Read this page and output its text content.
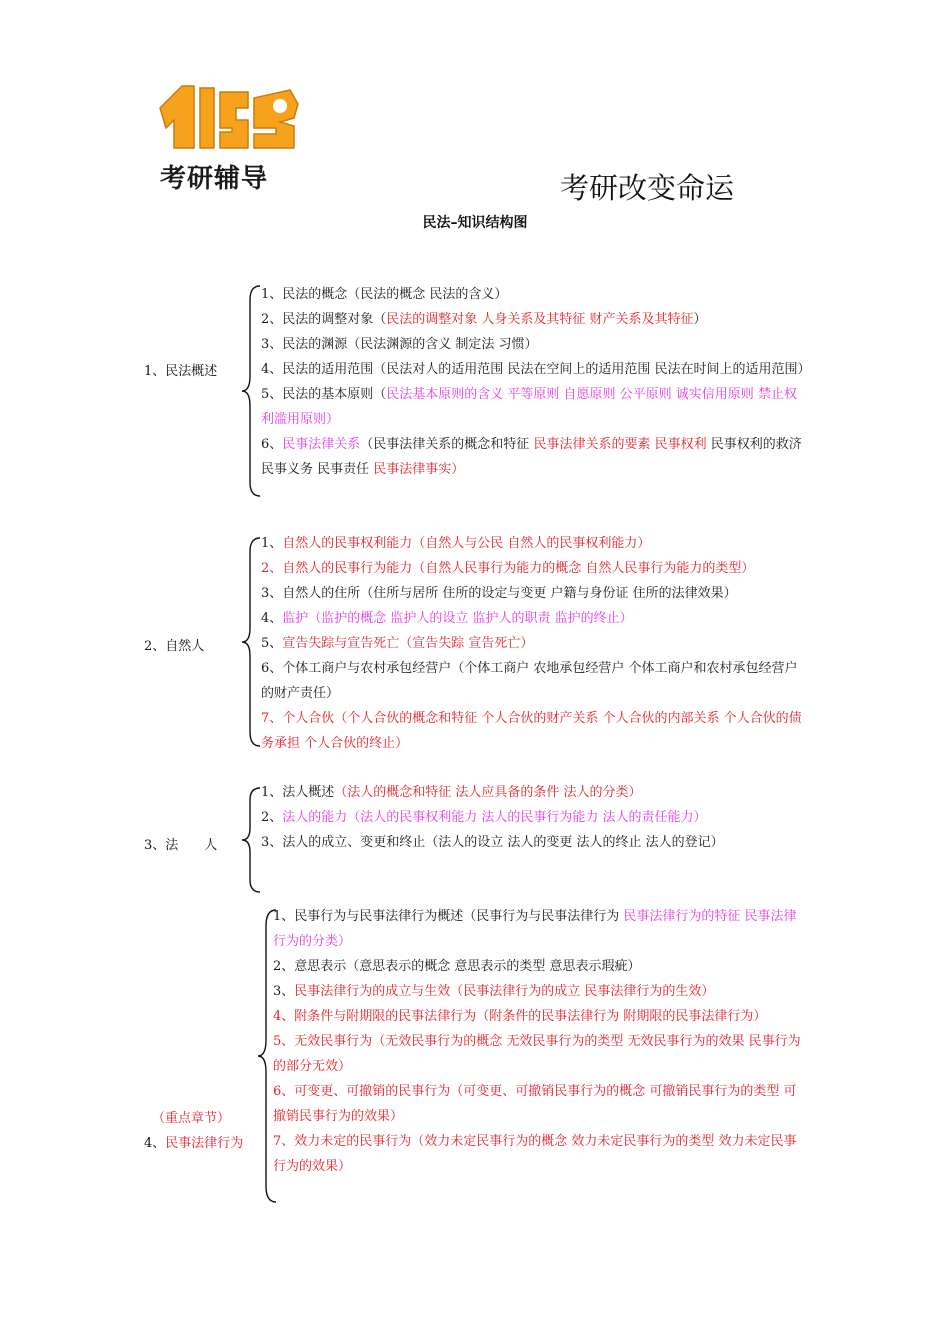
考研辅导	考研改变命运
民法–知识结构图
1、民法概述
1、民法的概念（民法的概念 民法的含义）
2、民法的调整对象（民法的调整对象 人身关系及其特征 财产关系及其特征）
3、民法的渊源（民法渊源的含义 制定法 习惯）
4、民法的适用范围（民法对人的适用范围 民法在空间上的适用范围 民法在时间上的适用范围）
5、民法的基本原则（民法基本原则的含义 平等原则 自愿原则 公平原则 诚实信用原则 禁止权利滥用原则）
6、民事法律关系（民事法律关系的概念和特征 民事法律关系的要素 民事权利 民事权利的救济 民事义务 民事责任 民事法律事实）
2、自然人
1、自然人的民事权利能力（自然人与公民 自然人的民事权利能力）
2、自然人的民事行为能力（自然人民事行为能力的概念 自然人民事行为能力的类型）
3、自然人的住所（住所与居所 住所的设定与变更 户籍与身份证 住所的法律效果）
4、监护（监护的概念 监护人的设立 监护人的职责 监护的终止）
5、宣告失踪与宣告死亡（宣告失踪 宣告死亡）
6、个体工商户与农村承包经营户（个体工商户 农地承包经营户 个体工商户和农村承包经营户的财产责任）
7、个人合伙（个人合伙的概念和特征 个人合伙的财产关系 个人合伙的内部关系 个人合伙的债务承担 个人合伙的终止）
3、法　　人
1、法人概述（法人的概念和特征 法人应具备的条件 法人的分类）
2、法人的能力（法人的民事权利能力 法人的民事行为能力 法人的责任能力）
3、法人的成立、变更和终止（法人的设立 法人的变更 法人的终止 法人的登记）
（重点章节）
4、民事法律行为
1、民事行为与民事法律行为概述（民事行为与民事法律行为 民事法律行为的特征 民事法律行为的分类）
2、意思表示（意思表示的概念 意思表示的类型 意思表示瑕疵）
3、民事法律行为的成立与生效（民事法律行为的成立 民事法律行为的生效）
4、附条件与附期限的民事法律行为（附条件的民事法律行为 附期限的民事法律行为）
5、无效民事行为（无效民事行为的概念 无效民事行为的类型 无效民事行为的效果 民事行为的部分无效）
6、可变更、可撤销的民事行为（可变更、可撤销民事行为的概念 可撤销民事行为的类型 可撤销民事行为的效果）
7、效力未定的民事行为（效力未定民事行为的概念 效力未定民事行为的类型 效力未定民事行为的效果）
